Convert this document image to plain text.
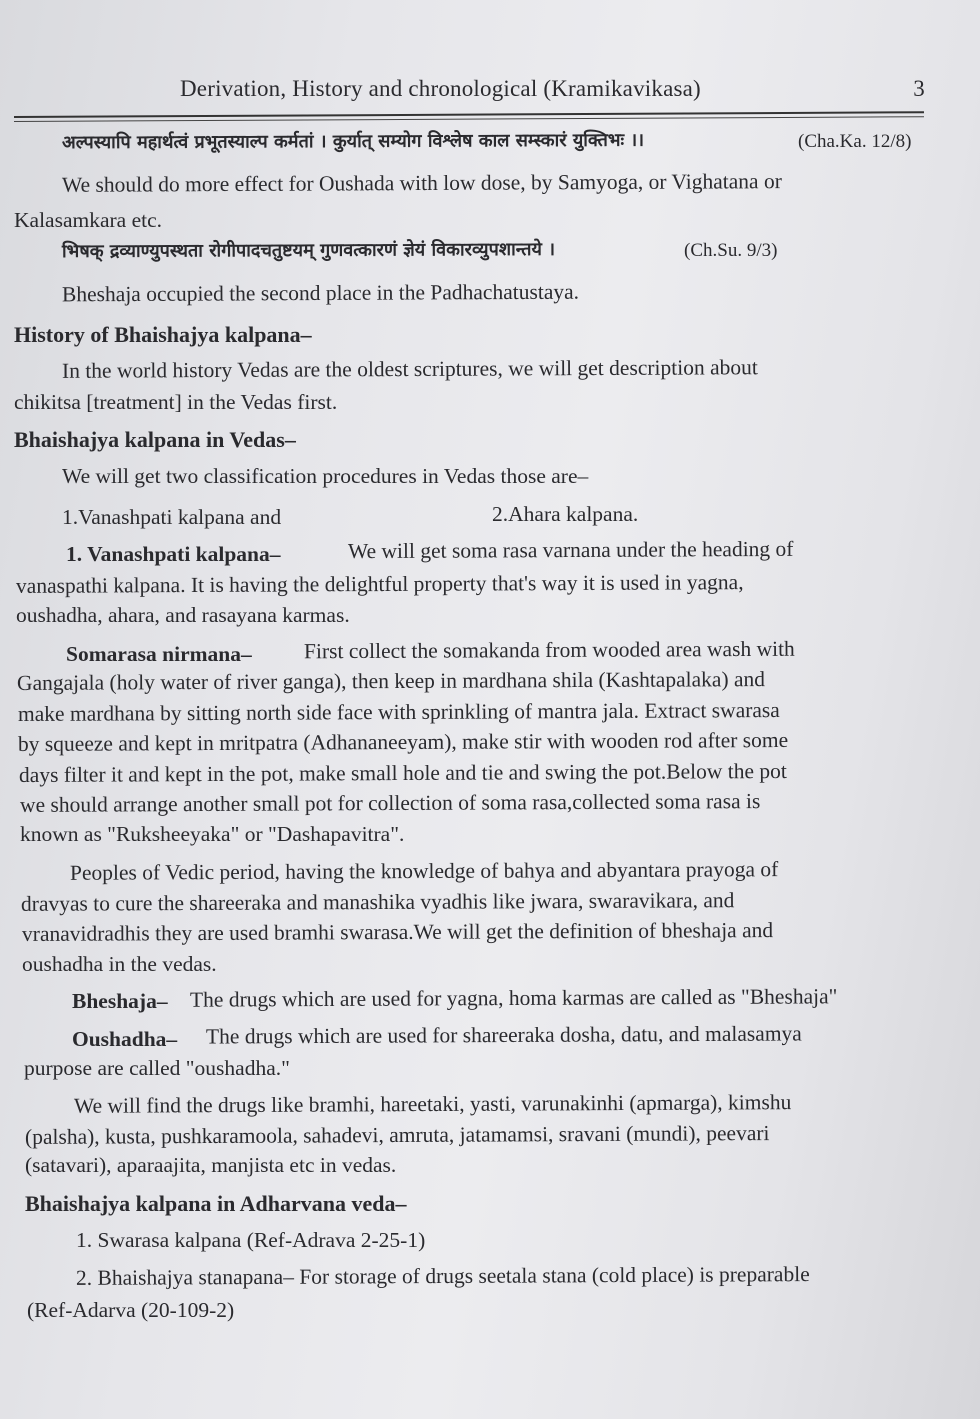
Derivation, History and chronological (Kramikavikasa)	3
अल्पस्यापि महार्थत्वं प्रभूतस्याल्प कर्मतां । कुर्यात् सम्योग विश्लेष काल सम्स्कारं युक्तिभः ।।	(Cha.Ka. 12/8)
We should do more effect for Oushada with low dose, by Samyoga, or Vighatana or
Kalasamkara etc.
भिषक् द्रव्याण्युपस्थता रोगीपादचतुष्टयम् गुणवत्कारणं ज्ञेयं विकारव्युपशान्तये ।	(Ch.Su. 9/3)
Bheshaja occupied the second place in the Padhachatustaya.
History of Bhaishajya kalpana–
In the world history Vedas are the oldest scriptures, we will get description about
chikitsa [treatment] in the Vedas first.
Bhaishajya kalpana in Vedas–
We will get two classification procedures in Vedas those are–
1.Vanashpati kalpana and	2.Ahara kalpana.
1. Vanashpati kalpana–	We will get soma rasa varnana under the heading of
vanaspathi kalpana. It is having the delightful property that's way it is used in yagna,
oushadha, ahara, and rasayana karmas.
Somarasa nirmana– First collect the somakanda from wooded area wash with
Gangajala (holy water of river ganga), then keep in mardhana shila (Kashtapalaka) and
make mardhana by sitting north side face with sprinkling of mantra jala. Extract swarasa
by squeeze and kept in mritpatra (Adhananeeyam), make stir with wooden rod after some
days filter it and kept in the pot, make small hole and tie and swing the pot.Below the pot
we should arrange another small pot for collection of soma rasa,collected soma rasa is
known as "Ruksheeyaka" or "Dashapavitra".
Peoples of Vedic period, having the knowledge of bahya and abyantara prayoga of
dravyas to cure the shareeraka and manashika vyadhis like jwara, swaravikara, and
vranavidradhis they are used bramhi swarasa.We will get the definition of bheshaja and
oushadha in the vedas.
Bheshaja– The drugs which are used for yagna, homa karmas are called as "Bheshaja"
Oushadha– The drugs which are used for shareeraka dosha, datu, and malasamya
purpose are called "oushadha."
We will find the drugs like bramhi, hareetaki, yasti, varunakinhi (apmarga), kimshu
(palsha), kusta, pushkaramoola, sahadevi, amruta, jatamamsi, sravani (mundi), peevari
(satavari), aparaajita, manjista etc in vedas.
Bhaishajya kalpana in Adharvana veda–
1. Swarasa kalpana (Ref-Adrava 2-25-1)
2. Bhaishajya stanapana– For storage of drugs seetala stana (cold place) is preparable
(Ref-Adarva (20-109-2)
